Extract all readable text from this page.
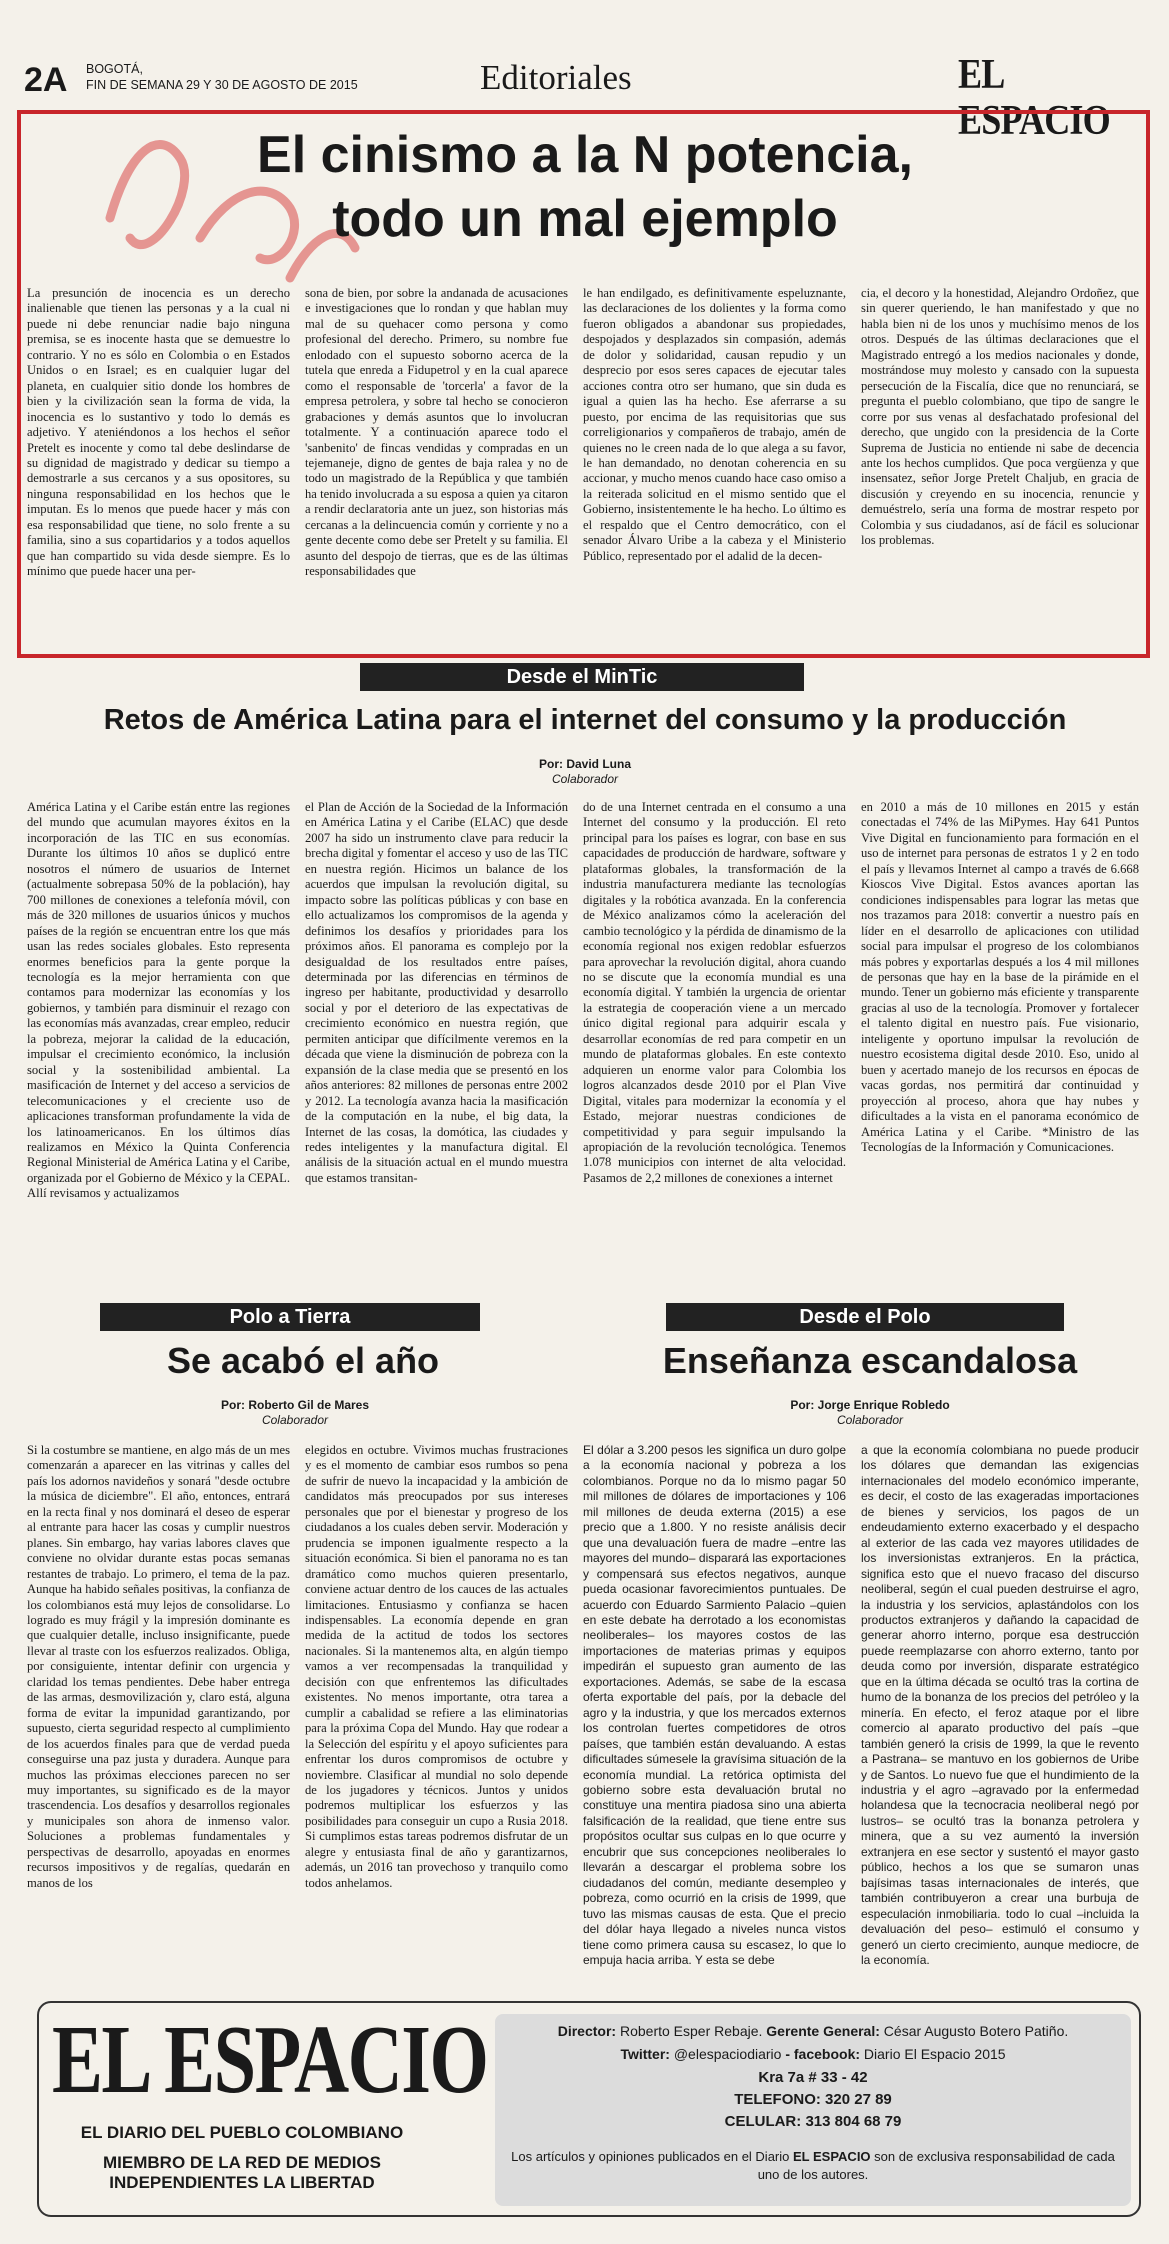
2A BOGOTÁ,
FIN DE SEMANA 29 Y 30 DE AGOSTO DE 2015	Editoriales	EL ESPACIO
El cinismo a la N potencia,
todo un mal ejemplo
La presunción de inocencia es un derecho inalienable que tienen las personas y a la cual ni puede ni debe renunciar nadie bajo ninguna premisa, se es inocente hasta que se demuestre lo contrario. Y no es sólo en Colombia o en Estados Unidos o en Israel; es en cualquier lugar del planeta, en cualquier sitio donde los hombres de bien y la civilización sean la forma de vida, la inocencia es lo sustantivo y todo lo demás es adjetivo. Y ateniéndonos a los hechos el señor Pretelt es inocente y como tal debe deslindarse de su dignidad de magistrado y dedicar su tiempo a demostrarle a sus cercanos y a sus opositores, su ninguna responsabilidad en los hechos que le imputan. Es lo menos que puede hacer y más con esa responsabilidad que tiene, no solo frente a su familia, sino a sus copartidarios y a todos aquellos que han compartido su vida desde siempre. Es lo mínimo que puede hacer una per-
sona de bien, por sobre la andanada de acusaciones e investigaciones que lo rondan y que hablan muy mal de su quehacer como persona y como profesional del derecho. Primero, su nombre fue enlodado con el supuesto soborno acerca de la tutela que enreda a Fidupetrol y en la cual aparece como el responsable de 'torcerla' a favor de la empresa petrolera, y sobre tal hecho se conocieron grabaciones y demás asuntos que lo involucran totalmente. Y a continuación aparece todo el 'sanbenito' de fincas vendidas y compradas en un tejemaneje, digno de gentes de baja ralea y no de todo un magistrado de la República y que también ha tenido involucrada a su esposa a quien ya citaron a rendir declaratoria ante un juez, son historias más cercanas a la delincuencia común y corriente y no a gente decente como debe ser Pretelt y su familia. El asunto del despojo de tierras, que es de las últimas responsabilidades que
le han endilgado, es definitivamente espeluznante, las declaraciones de los dolientes y la forma como fueron obligados a abandonar sus propiedades, despojados y desplazados sin compasión, además de dolor y solidaridad, causan repudio y un desprecio por esos seres capaces de ejecutar tales acciones contra otro ser humano, que sin duda es igual a quien las ha hecho. Ese aferrarse a su puesto, por encima de las requisitorias que sus correligionarios y compañeros de trabajo, amén de quienes no le creen nada de lo que alega a su favor, le han demandado, no denotan coherencia en su accionar, y mucho menos cuando hace caso omiso a la reiterada solicitud en el mismo sentido que el Gobierno, insistentemente le ha hecho. Lo último es el respaldo que el Centro democrático, con el senador Álvaro Uribe a la cabeza y el Ministerio Público, representado por el adalid de la decen-
cia, el decoro y la honestidad, Alejandro Ordoñez, que sin querer queriendo, le han manifestado y que no habla bien ni de los unos y muchísimo menos de los otros. Después de las últimas declaraciones que el Magistrado entregó a los medios nacionales y donde, mostrándose muy molesto y cansado con la supuesta persecución de la Fiscalía, dice que no renunciará, se pregunta el pueblo colombiano, que tipo de sangre le corre por sus venas al desfachatado profesional del derecho, que ungido con la presidencia de la Corte Suprema de Justicia no entiende ni sabe de decencia ante los hechos cumplidos. Que poca vergüenza y que insensatez, señor Jorge Pretelt Chaljub, en gracia de discusión y creyendo en su inocencia, renuncie y demuéstrelo, sería una forma de mostrar respeto por Colombia y sus ciudadanos, así de fácil es solucionar los problemas.
Desde el MinTic
Retos de América Latina para el internet del consumo y la producción
Por: David Luna
Colaborador
América Latina y el Caribe están entre las regiones del mundo que acumulan mayores éxitos en la incorporación de las TIC en sus economías. Durante los últimos 10 años se duplicó entre nosotros el número de usuarios de Internet (actualmente sobrepasa 50% de la población), hay 700 millones de conexiones a telefonía móvil, con más de 320 millones de usuarios únicos y muchos países de la región se encuentran entre los que más usan las redes sociales globales. Esto representa enormes beneficios para la gente porque la tecnología es la mejor herramienta con que contamos para modernizar las economías y los gobiernos, y también para disminuir el rezago con las economías más avanzadas, crear empleo, reducir la pobreza, mejorar la calidad de la educación, impulsar el crecimiento económico, la inclusión social y la sostenibilidad ambiental. La masificación de Internet y del acceso a servicios de telecomunicaciones y el creciente uso de aplicaciones transforman profundamente la vida de los latinoamericanos. En los últimos días realizamos en México la Quinta Conferencia Regional Ministerial de América Latina y el Caribe, organizada por el Gobierno de México y la CEPAL. Allí revisamos y actualizamos
el Plan de Acción de la Sociedad de la Información en América Latina y el Caribe (ELAC) que desde 2007 ha sido un instrumento clave para reducir la brecha digital y fomentar el acceso y uso de las TIC en nuestra región. Hicimos un balance de los acuerdos que impulsan la revolución digital, su impacto sobre las políticas públicas y con base en ello actualizamos los compromisos de la agenda y definimos los desafíos y prioridades para los próximos años. El panorama es complejo por la desigualdad de los resultados entre países, determinada por las diferencias en términos de ingreso per habitante, productividad y desarrollo social y por el deterioro de las expectativas de crecimiento económico en nuestra región, que permiten anticipar que difícilmente veremos en la década que viene la disminución de pobreza con la expansión de la clase media que se presentó en los años anteriores: 82 millones de personas entre 2002 y 2012. La tecnología avanza hacia la masificación de la computación en la nube, el big data, la Internet de las cosas, la domótica, las ciudades y redes inteligentes y la manufactura digital. El análisis de la situación actual en el mundo muestra que estamos transitan-
do de una Internet centrada en el consumo a una Internet del consumo y la producción. El reto principal para los países es lograr, con base en sus capacidades de producción de hardware, software y plataformas globales, la transformación de la industria manufacturera mediante las tecnologías digitales y la robótica avanzada. En la conferencia de México analizamos cómo la aceleración del cambio tecnológico y la pérdida de dinamismo de la economía regional nos exigen redoblar esfuerzos para aprovechar la revolución digital, ahora cuando no se discute que la economía mundial es una economía digital. Y también la urgencia de orientar la estrategia de cooperación viene a un mercado único digital regional para adquirir escala y desarrollar economías de red para competir en un mundo de plataformas globales. En este contexto adquieren un enorme valor para Colombia los logros alcanzados desde 2010 por el Plan Vive Digital, vitales para modernizar la economía y el Estado, mejorar nuestras condiciones de competitividad y para seguir impulsando la apropiación de la revolución tecnológica. Tenemos 1.078 municipios con internet de alta velocidad. Pasamos de 2,2 millones de conexiones a internet
en 2010 a más de 10 millones en 2015 y están conectadas el 74% de las MiPymes. Hay 641 Puntos Vive Digital en funcionamiento para formación en el uso de internet para personas de estratos 1 y 2 en todo el país y llevamos Internet al campo a través de 6.668 Kioscos Vive Digital. Estos avances aportan las condiciones indispensables para lograr las metas que nos trazamos para 2018: convertir a nuestro país en líder en el desarrollo de aplicaciones con utilidad social para impulsar el progreso de los colombianos más pobres y exportarlas después a los 4 mil millones de personas que hay en la base de la pirámide en el mundo. Tener un gobierno más eficiente y transparente gracias al uso de la tecnología. Promover y fortalecer el talento digital en nuestro país. Fue visionario, inteligente y oportuno impulsar la revolución de nuestro ecosistema digital desde 2010. Eso, unido al buen y acertado manejo de los recursos en épocas de vacas gordas, nos permitirá dar continuidad y proyección al proceso, ahora que hay nubes y dificultades a la vista en el panorama económico de América Latina y el Caribe. *Ministro de las Tecnologías de la Información y Comunicaciones.
Polo a Tierra
Se acabó el año
Por: Roberto Gil de Mares
Colaborador
Si la costumbre se mantiene, en algo más de un mes comenzarán a aparecer en las vitrinas y calles del país los adornos navideños y sonará "desde octubre la música de diciembre". El año, entonces, entrará en la recta final y nos dominará el deseo de esperar al entrante para hacer las cosas y cumplir nuestros planes. Sin embargo, hay varias labores claves que conviene no olvidar durante estas pocas semanas restantes de trabajo. Lo primero, el tema de la paz. Aunque ha habido señales positivas, la confianza de los colombianos está muy lejos de consolidarse. Lo logrado es muy frágil y la impresión dominante es que cualquier detalle, incluso insignificante, puede llevar al traste con los esfuerzos realizados. Obliga, por consiguiente, intentar definir con urgencia y claridad los temas pendientes. Debe haber entrega de las armas, desmovilización y, claro está, alguna forma de evitar la impunidad garantizando, por supuesto, cierta seguridad respecto al cumplimiento de los acuerdos finales para que de verdad pueda conseguirse una paz justa y duradera. Aunque para muchos las próximas elecciones parecen no ser muy importantes, su significado es de la mayor trascendencia. Los desafíos y desarrollos regionales y municipales son ahora de inmenso valor. Soluciones a problemas fundamentales y perspectivas de desarrollo, apoyadas en enormes recursos impositivos y de regalías, quedarán en manos de los
elegidos en octubre. Vivimos muchas frustraciones y es el momento de cambiar esos rumbos so pena de sufrir de nuevo la incapacidad y la ambición de candidatos más preocupados por sus intereses personales que por el bienestar y progreso de los ciudadanos a los cuales deben servir. Moderación y prudencia se imponen igualmente respecto a la situación económica. Si bien el panorama no es tan dramático como muchos quieren presentarlo, conviene actuar dentro de los cauces de las actuales limitaciones. Entusiasmo y confianza se hacen indispensables. La economía depende en gran medida de la actitud de todos los sectores nacionales. Si la mantenemos alta, en algún tiempo vamos a ver recompensadas la tranquilidad y decisión con que enfrentemos las dificultades existentes. No menos importante, otra tarea a cumplir a cabalidad se refiere a las eliminatorias para la próxima Copa del Mundo. Hay que rodear a la Selección del espíritu y el apoyo suficientes para enfrentar los duros compromisos de octubre y noviembre. Clasificar al mundial no solo depende de los jugadores y técnicos. Juntos y unidos podremos multiplicar los esfuerzos y las posibilidades para conseguir un cupo a Rusia 2018. Si cumplimos estas tareas podremos disfrutar de un alegre y entusiasta final de año y garantizarnos, además, un 2016 tan provechoso y tranquilo como todos anhelamos.
Desde el Polo
Enseñanza escandalosa
Por: Jorge Enrique Robledo
Colaborador
El dólar a 3.200 pesos les significa un duro golpe a la economía nacional y pobreza a los colombianos. Porque no da lo mismo pagar 50 mil millones de dólares de importaciones y 106 mil millones de deuda externa (2015) a ese precio que a 1.800. Y no resiste análisis decir que una devaluación fuera de madre –entre las mayores del mundo– disparará las exportaciones y compensará sus efectos negativos, aunque pueda ocasionar favorecimientos puntuales. De acuerdo con Eduardo Sarmiento Palacio –quien en este debate ha derrotado a los economistas neoliberales– los mayores costos de las importaciones de materias primas y equipos impedirán el supuesto gran aumento de las exportaciones. Además, se sabe de la escasa oferta exportable del país, por la debacle del agro y la industria, y que los mercados externos los controlan fuertes competidores de otros países, que también están devaluando. A estas dificultades súmesele la gravísima situación de la economía mundial. La retórica optimista del gobierno sobre esta devaluación brutal no constituye una mentira piadosa sino una abierta falsificación de la realidad, que tiene entre sus propósitos ocultar sus culpas en lo que ocurre y encubrir que sus concepciones neoliberales lo llevarán a descargar el problema sobre los ciudadanos del común, mediante desempleo y pobreza, como ocurrió en la crisis de 1999, que tuvo las mismas causas de esta. Que el precio del dólar haya llegado a niveles nunca vistos tiene como primera causa su escasez, lo que lo empuja hacia arriba. Y esta se debe
a que la economía colombiana no puede producir los dólares que demandan las exigencias internacionales del modelo económico imperante, es decir, el costo de las exageradas importaciones de bienes y servicios, los pagos de un endeudamiento externo exacerbado y el despacho al exterior de las cada vez mayores utilidades de los inversionistas extranjeros. En la práctica, significa esto que el nuevo fracaso del discurso neoliberal, según el cual pueden destruirse el agro, la industria y los servicios, aplastándolos con los productos extranjeros y dañando la capacidad de generar ahorro interno, porque esa destrucción puede reemplazarse con ahorro externo, tanto por deuda como por inversión, disparate estratégico que en la última década se ocultó tras la cortina de humo de la bonanza de los precios del petróleo y la minería. En efecto, el feroz ataque por el libre comercio al aparato productivo del país –que también generó la crisis de 1999, la que le revento a Pastrana– se mantuvo en los gobiernos de Uribe y de Santos. Lo nuevo fue que el hundimiento de la industria y el agro –agravado por la enfermedad holandesa que la tecnocracia neoliberal negó por lustros– se ocultó tras la bonanza petrolera y minera, que a su vez aumentó la inversión extranjera en ese sector y sustentó el mayor gasto público, hechos a los que se sumaron unas bajísimas tasas internacionales de interés, que también contribuyeron a crear una burbuja de especulación inmobiliaria. todo lo cual –incluida la devaluación del peso– estimuló el consumo y generó un cierto crecimiento, aunque mediocre, de la economía.
EL ESPACIO
EL DIARIO DEL PUEBLO COLOMBIANO
MIEMBRO DE LA RED DE MEDIOS
INDEPENDIENTES LA LIBERTAD
Director: Roberto Esper Rebaje. Gerente General: César Augusto Botero Patiño.
Twitter: @elespaciodiario - facebook: Diario El Espacio 2015
Kra 7a # 33 - 42
TELEFONO: 320 27 89
CELULAR: 313 804 68 79
Los artículos y opiniones publicados en el Diario EL ESPACIO son de exclusiva responsabilidad de cada uno de los autores.
